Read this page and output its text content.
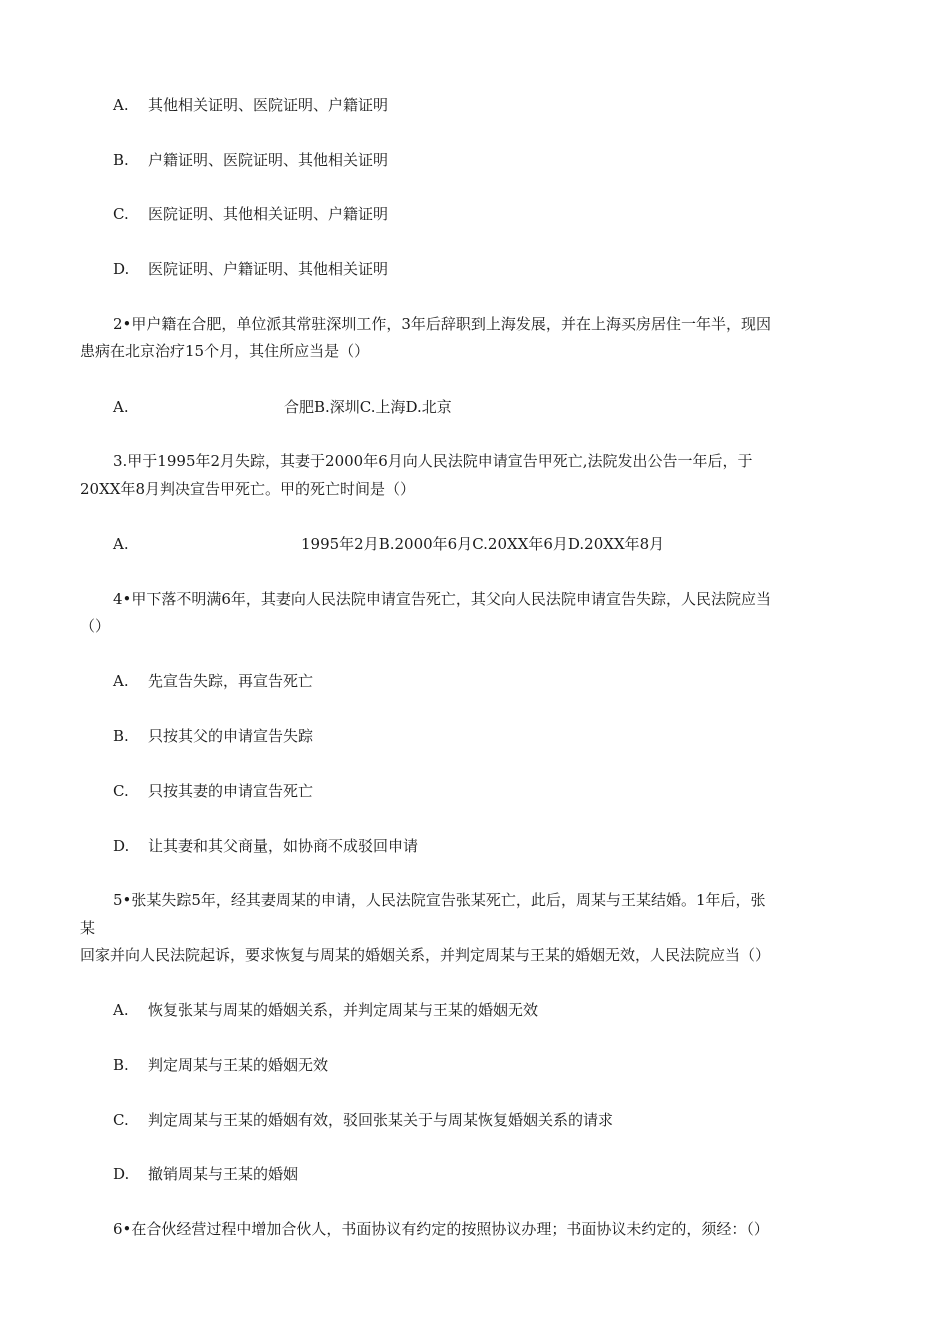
A. 其他相关证明、医院证明、户籍证明
B. 户籍证明、医院证明、其他相关证明
C. 医院证明、其他相关证明、户籍证明
D. 医院证明、户籍证明、其他相关证明
2•甲户籍在合肥，单位派其常驻深圳工作，3年后辞职到上海发展，并在上海买房居住一年半，现因
患病在北京治疗15个月，其住所应当是（）
A.	合肥B.深圳C.上海D.北京
3.甲于1995年2月失踪，其妻于2000年6月向人民法院申请宣告甲死亡,法院发出公告一年后，于
20XX年8月判决宣告甲死亡。甲的死亡时间是（）
A.	1995年2月B.2000年6月C.20XX年6月D.20XX年8月
4•甲下落不明满6年，其妻向人民法院申请宣告死亡，其父向人民法院申请宣告失踪，人民法院应当
（）
A. 先宣告失踪，再宣告死亡
B. 只按其父的申请宣告失踪
C. 只按其妻的申请宣告死亡
D. 让其妻和其父商量，如协商不成驳回申请
5•张某失踪5年，经其妻周某的申请，人民法院宣告张某死亡，此后，周某与王某结婚。1年后，张
某
回家并向人民法院起诉，要求恢复与周某的婚姻关系，并判定周某与王某的婚姻无效，人民法院应当（）
A. 恢复张某与周某的婚姻关系，并判定周某与王某的婚姻无效
B. 判定周某与王某的婚姻无效
C. 判定周某与王某的婚姻有效，驳回张某关于与周某恢复婚姻关系的请求
D. 撤销周某与王某的婚姻
6•在合伙经营过程中增加合伙人，书面协议有约定的按照协议办理；书面协议未约定的，须经：（）
